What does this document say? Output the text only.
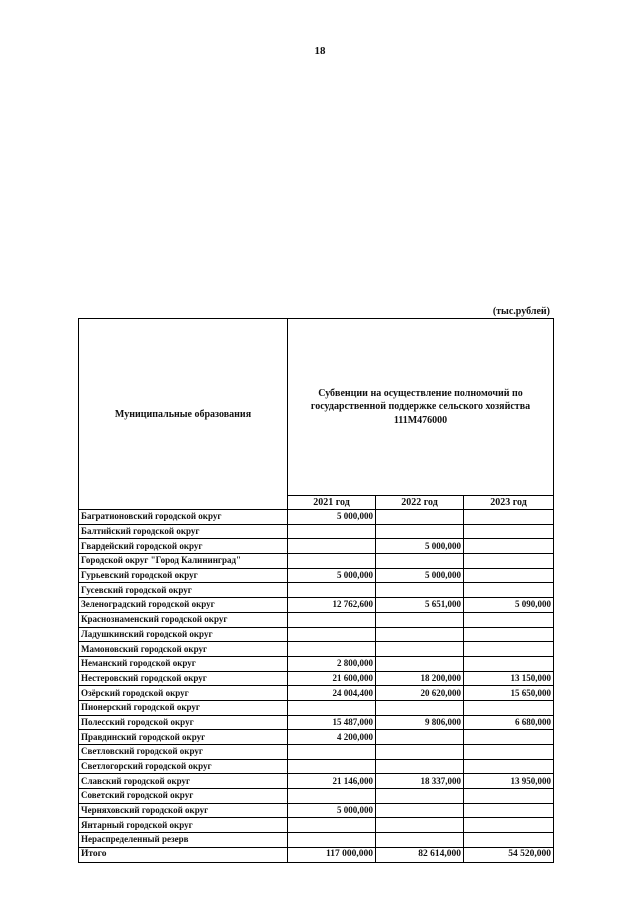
18
(тыс.рублей)
Муниципальные образования	Субвенции на осуществление полномочий по государственной поддержке сельского хозяйства 111M476000		
	2021 год	2022 год	2023 год
Багратионовский городской округ	5 000,000		
Балтийский городской округ			
Гвардейский городской округ		5 000,000	
Городской округ "Город Калининград"			
Гурьевский городской округ	5 000,000	5 000,000	
Гусевский городской округ			
Зеленоградский городской округ	12 762,600	5 651,000	5 090,000
Краснознаменский городской округ			
Ладушкинский городской округ			
Мамоновский городской округ			
Неманский городской округ	2 800,000		
Нестеровский городской округ	21 600,000	18 200,000	13 150,000
Озёрский городской округ	24 004,400	20 620,000	15 650,000
Пионерский городской округ			
Полесский городской округ	15 487,000	9 806,000	6 680,000
Правдинский городской округ	4 200,000		
Светловский городской округ			
Светлогорский городской округ			
Славский городской округ	21 146,000	18 337,000	13 950,000
Советский городской округ			
Черняховский городской округ	5 000,000		
Янтарный городской округ			
Нераспределенный резерв			
Итого	117 000,000	82 614,000	54 520,000
